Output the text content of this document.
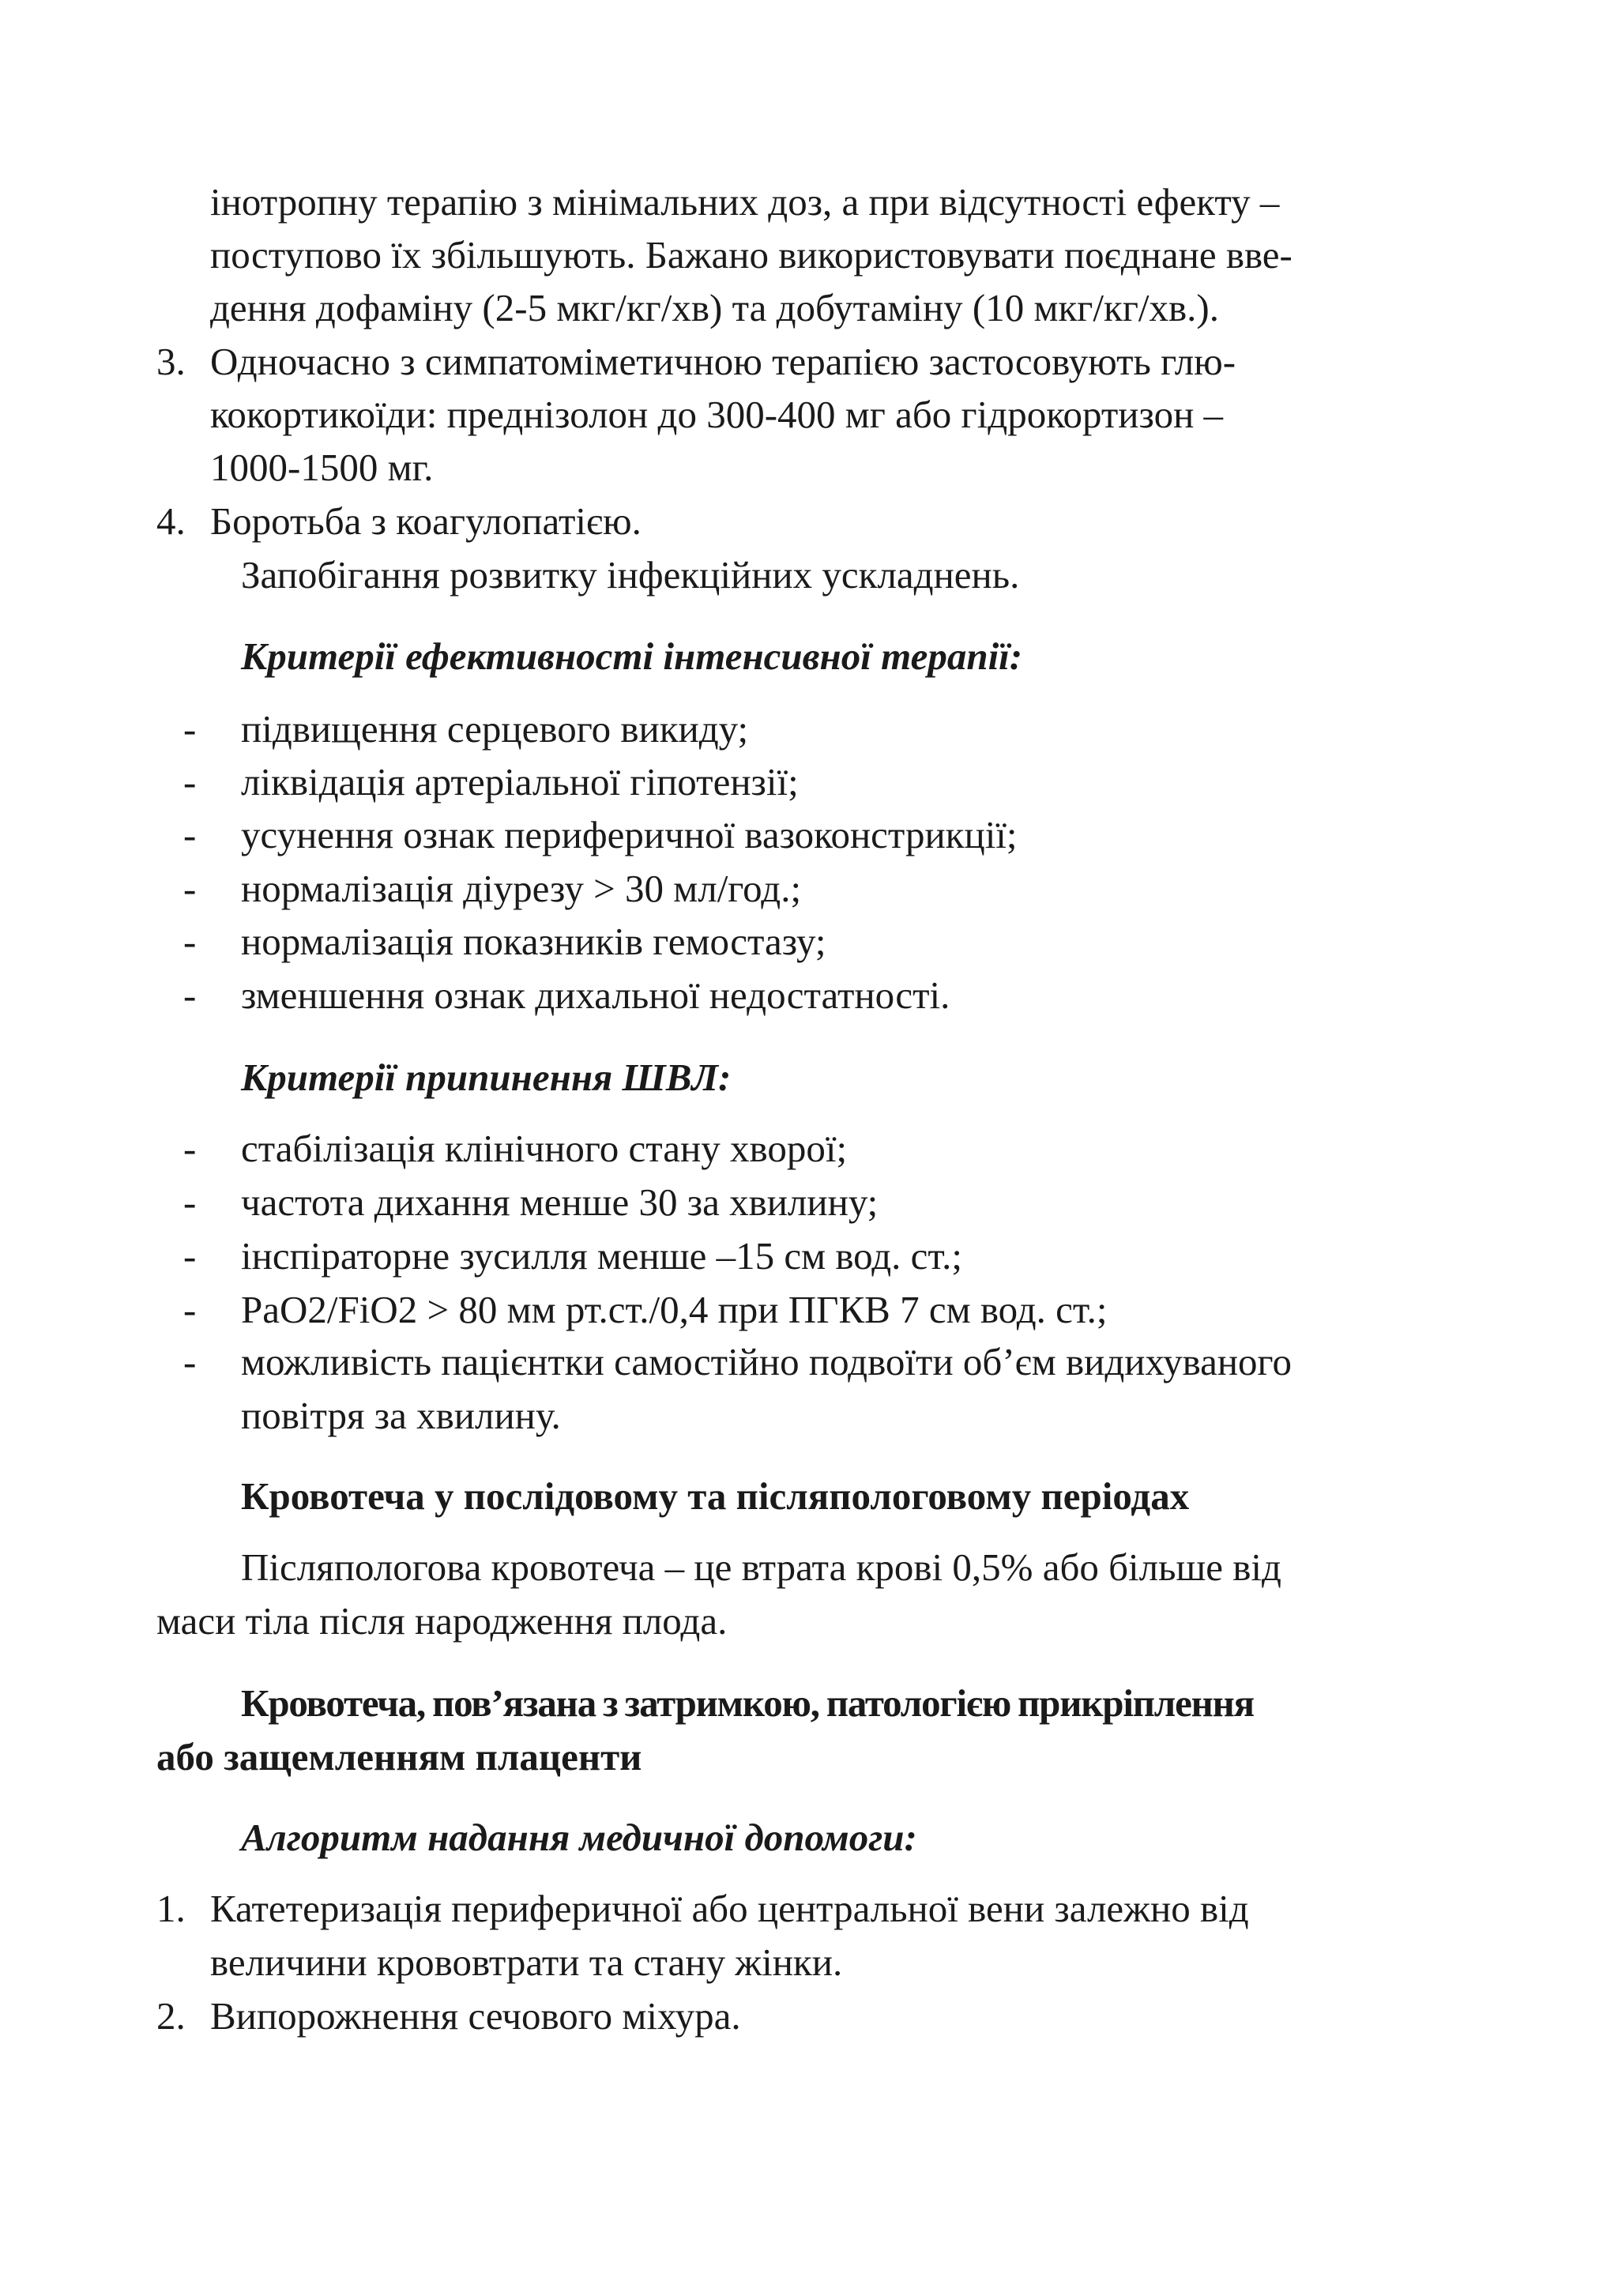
інотропну терапію з мінімальних доз, а при відсутності ефекту –

поступово їх збільшують. Бажано використовувати поєднане вве-

дення дофаміну (2-5 мкг/кг/хв) та добутаміну (10 мкг/кг/хв.).

3. Одночасно з симпатоміметичною терапією застосовують глю-

кокортикоїди: преднізолон до 300-400 мг або гідрокортизон –

1000-1500 мг.

4. Боротьба з коагулопатією.

Запобігання розвитку інфекційних ускладнень.

Критерії ефективності інтенсивної терапії:

- підвищення серцевого викиду;

- ліквідація артеріальної гіпотензії;

- усунення ознак периферичної вазоконстрикції;

- нормалізація діурезу > 30 мл/год.;

- нормалізація показників гемостазу;

- зменшення ознак дихальної недостатності.

Критерії припинення ШВЛ:

- стабілізація клінічного стану хворої;

- частота дихання менше 30 за хвилину;

- інспіраторне зусилля менше –15 см вод. ст.;

- PaO2/FiO2 > 80 мм рт.ст./0,4 при ПГКВ 7 см вод. ст.;

- можливість пацієнтки самостійно подвоїти об’єм видихуваного

повітря за хвилину.

Кровотеча у послідовому та післяпологовому періодах

Післяпологова кровотеча – це втрата крові 0,5% або більше від

маси тіла після народження плода.

Кровотеча, пов’язана з затримкою, патологією прикріплення

або защемленням плаценти

Алгоритм надання медичної допомоги:

1. Катетеризація периферичної або центральної вени залежно від

величини крововтрати та стану жінки.

2. Випорожнення сечового міхура.
